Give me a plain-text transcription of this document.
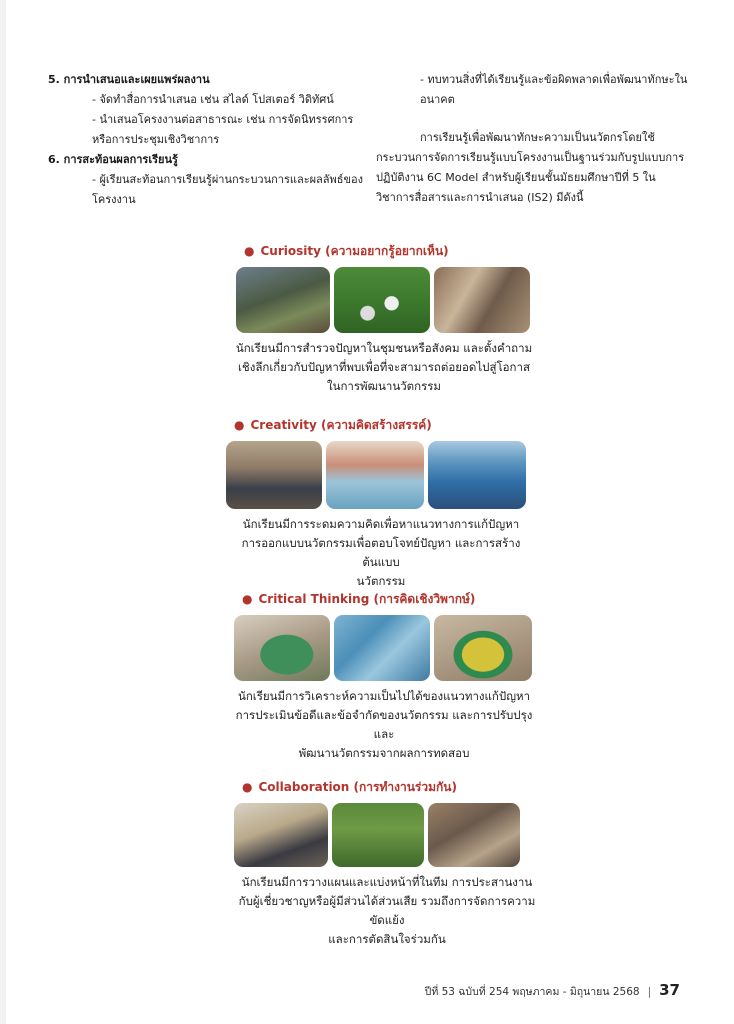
5. การนำเสนอและเผยแพร่ผลงาน

- จัดทำสื่อการนำเสนอ เช่น สไลด์ โปสเตอร์ วิดิทัศน์

- นำเสนอโครงงานต่อสาธารณะ เช่น การจัดนิทรรศการหรือการประชุมเชิงวิชาการ

6. การสะท้อนผลการเรียนรู้

- ผู้เรียนสะท้อนการเรียนรู้ผ่านกระบวนการและผลลัพธ์ของโครงงาน

- ทบทวนสิ่งที่ได้เรียนรู้และข้อผิดพลาดเพื่อพัฒนาทักษะในอนาคต

การเรียนรู้เพื่อพัฒนาทักษะความเป็นนวัตกรโดยใช้กระบวนการจัดการเรียนรู้แบบโครงงานเป็นฐานร่วมกับรูปแบบการปฏิบัติงาน 6C Model สำหรับผู้เรียนชั้นมัธยมศึกษาปีที่ 5 ในวิชาการสื่อสารและการนำเสนอ (IS2) มีดังนี้

● Curiosity (ความอยากรู้อยากเห็น)
นักเรียนมีการสำรวจปัญหาในชุมชนหรือสังคม และตั้งคำถาม
เชิงลึกเกี่ยวกับปัญหาที่พบเพื่อที่จะสามารถต่อยอดไปสู่โอกาส
ในการพัฒนานวัตกรรม
● Creativity (ความคิดสร้างสรรค์)
นักเรียนมีการระดมความคิดเพื่อหาแนวทางการแก้ปัญหา
การออกแบบนวัตกรรมเพื่อตอบโจทย์ปัญหา และการสร้างต้นแบบ
นวัตกรรม
● Critical Thinking (การคิดเชิงวิพากษ์)
นักเรียนมีการวิเคราะห์ความเป็นไปได้ของแนวทางแก้ปัญหา
การประเมินข้อดีและข้อจำกัดของนวัตกรรม และการปรับปรุงและ
พัฒนานวัตกรรมจากผลการทดสอบ
● Collaboration (การทำงานร่วมกัน)
นักเรียนมีการวางแผนและแบ่งหน้าที่ในทีม การประสานงาน
กับผู้เชี่ยวชาญหรือผู้มีส่วนได้ส่วนเสีย รวมถึงการจัดการความขัดแย้ง
และการตัดสินใจร่วมกัน
ปีที่ 53 ฉบับที่ 254 พฤษภาคม - มิถุนายน 2568 | 37
